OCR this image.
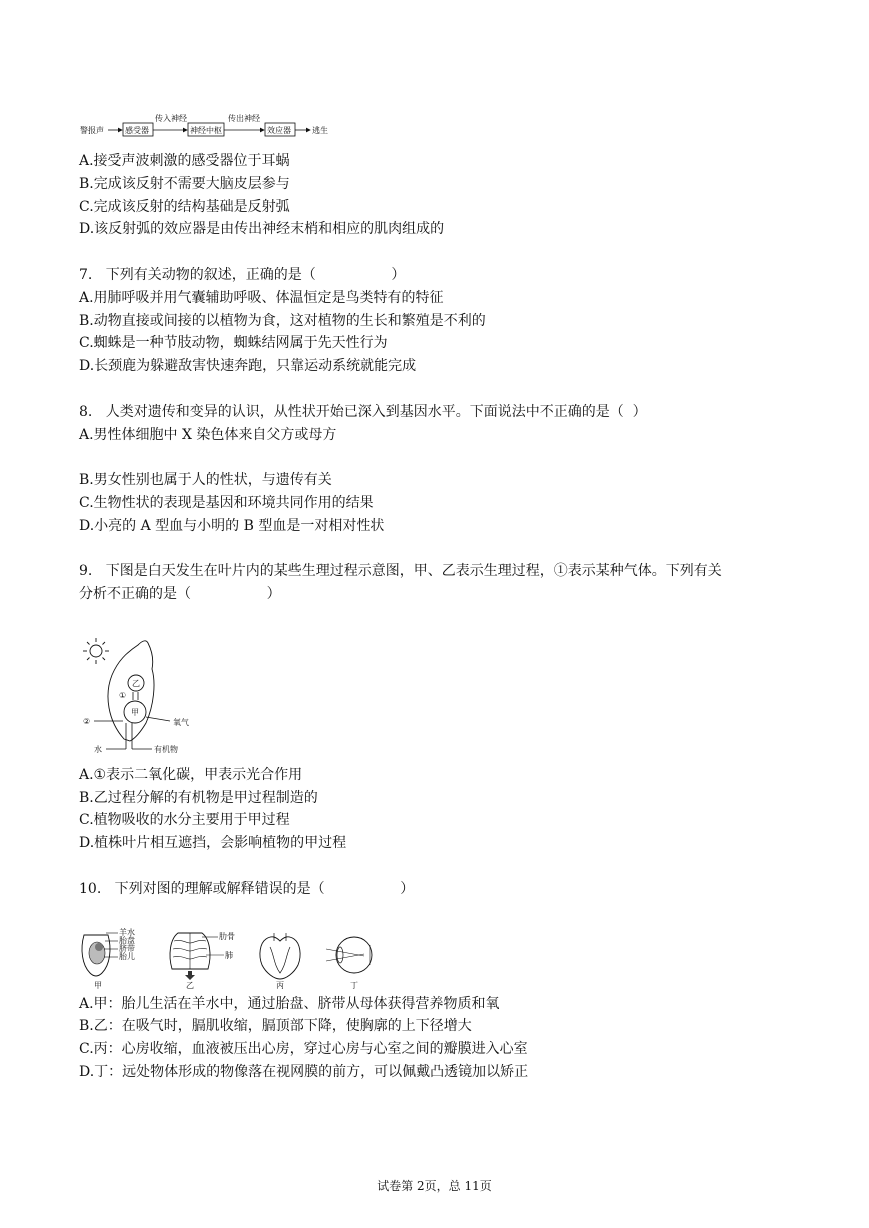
警报声	感受器
传入神经
神经中枢
传出神经
效应器	逃生
A.接受声波刺激的感受器位于耳蜗
B.完成该反射不需要大脑皮层参与
C.完成该反射的结构基础是反射弧
D.该反射弧的效应器是由传出神经末梢和相应的肌肉组成的
7.   下列有关动物的叙述，正确的是（                 ）
A.用肺呼吸并用气囊辅助呼吸、体温恒定是鸟类特有的特征
B.动物直接或间接的以植物为食，这对植物的生长和繁殖是不利的
C.蜘蛛是一种节肢动物，蜘蛛结网属于先天性行为
D.长颈鹿为躲避敌害快速奔跑，只靠运动系统就能完成
8.   人类对遗传和变异的认识，从性状开始已深入到基因水平。下面说法中不正确的是（  ）
A.男性体细胞中 X 染色体来自父方或母方
B.男女性别也属于人的性状，与遗传有关
C.生物性状的表现是基因和环境共同作用的结果
D.小亮的 A 型血与小明的 B 型血是一对相对性状
9.   下图是白天发生在叶片内的某些生理过程示意图，甲、乙表示生理过程，①表示某种气体。下列有关
分析不正确的是（                 ）
乙
甲
①
②	氧气
水	有机物
A.①表示二氧化碳，甲表示光合作用
B.乙过程分解的有机物是甲过程制造的
C.植物吸收的水分主要用于甲过程
D.植株叶片相互遮挡，会影响植物的甲过程
10.   下列对图的理解或解释错误的是（                 ）
羊水
胎盘
脐带
胎儿
甲
肋骨
肺
乙	丙	丁
A.甲：胎儿生活在羊水中，通过胎盘、脐带从母体获得营养物质和氧
B.乙：在吸气时，膈肌收缩，膈顶部下降，使胸廓的上下径增大
C.丙：心房收缩，血液被压出心房，穿过心房与心室之间的瓣膜进入心室
D.丁：远处物体形成的物像落在视网膜的前方，可以佩戴凸透镜加以矫正
试卷第 2页，总 11页
